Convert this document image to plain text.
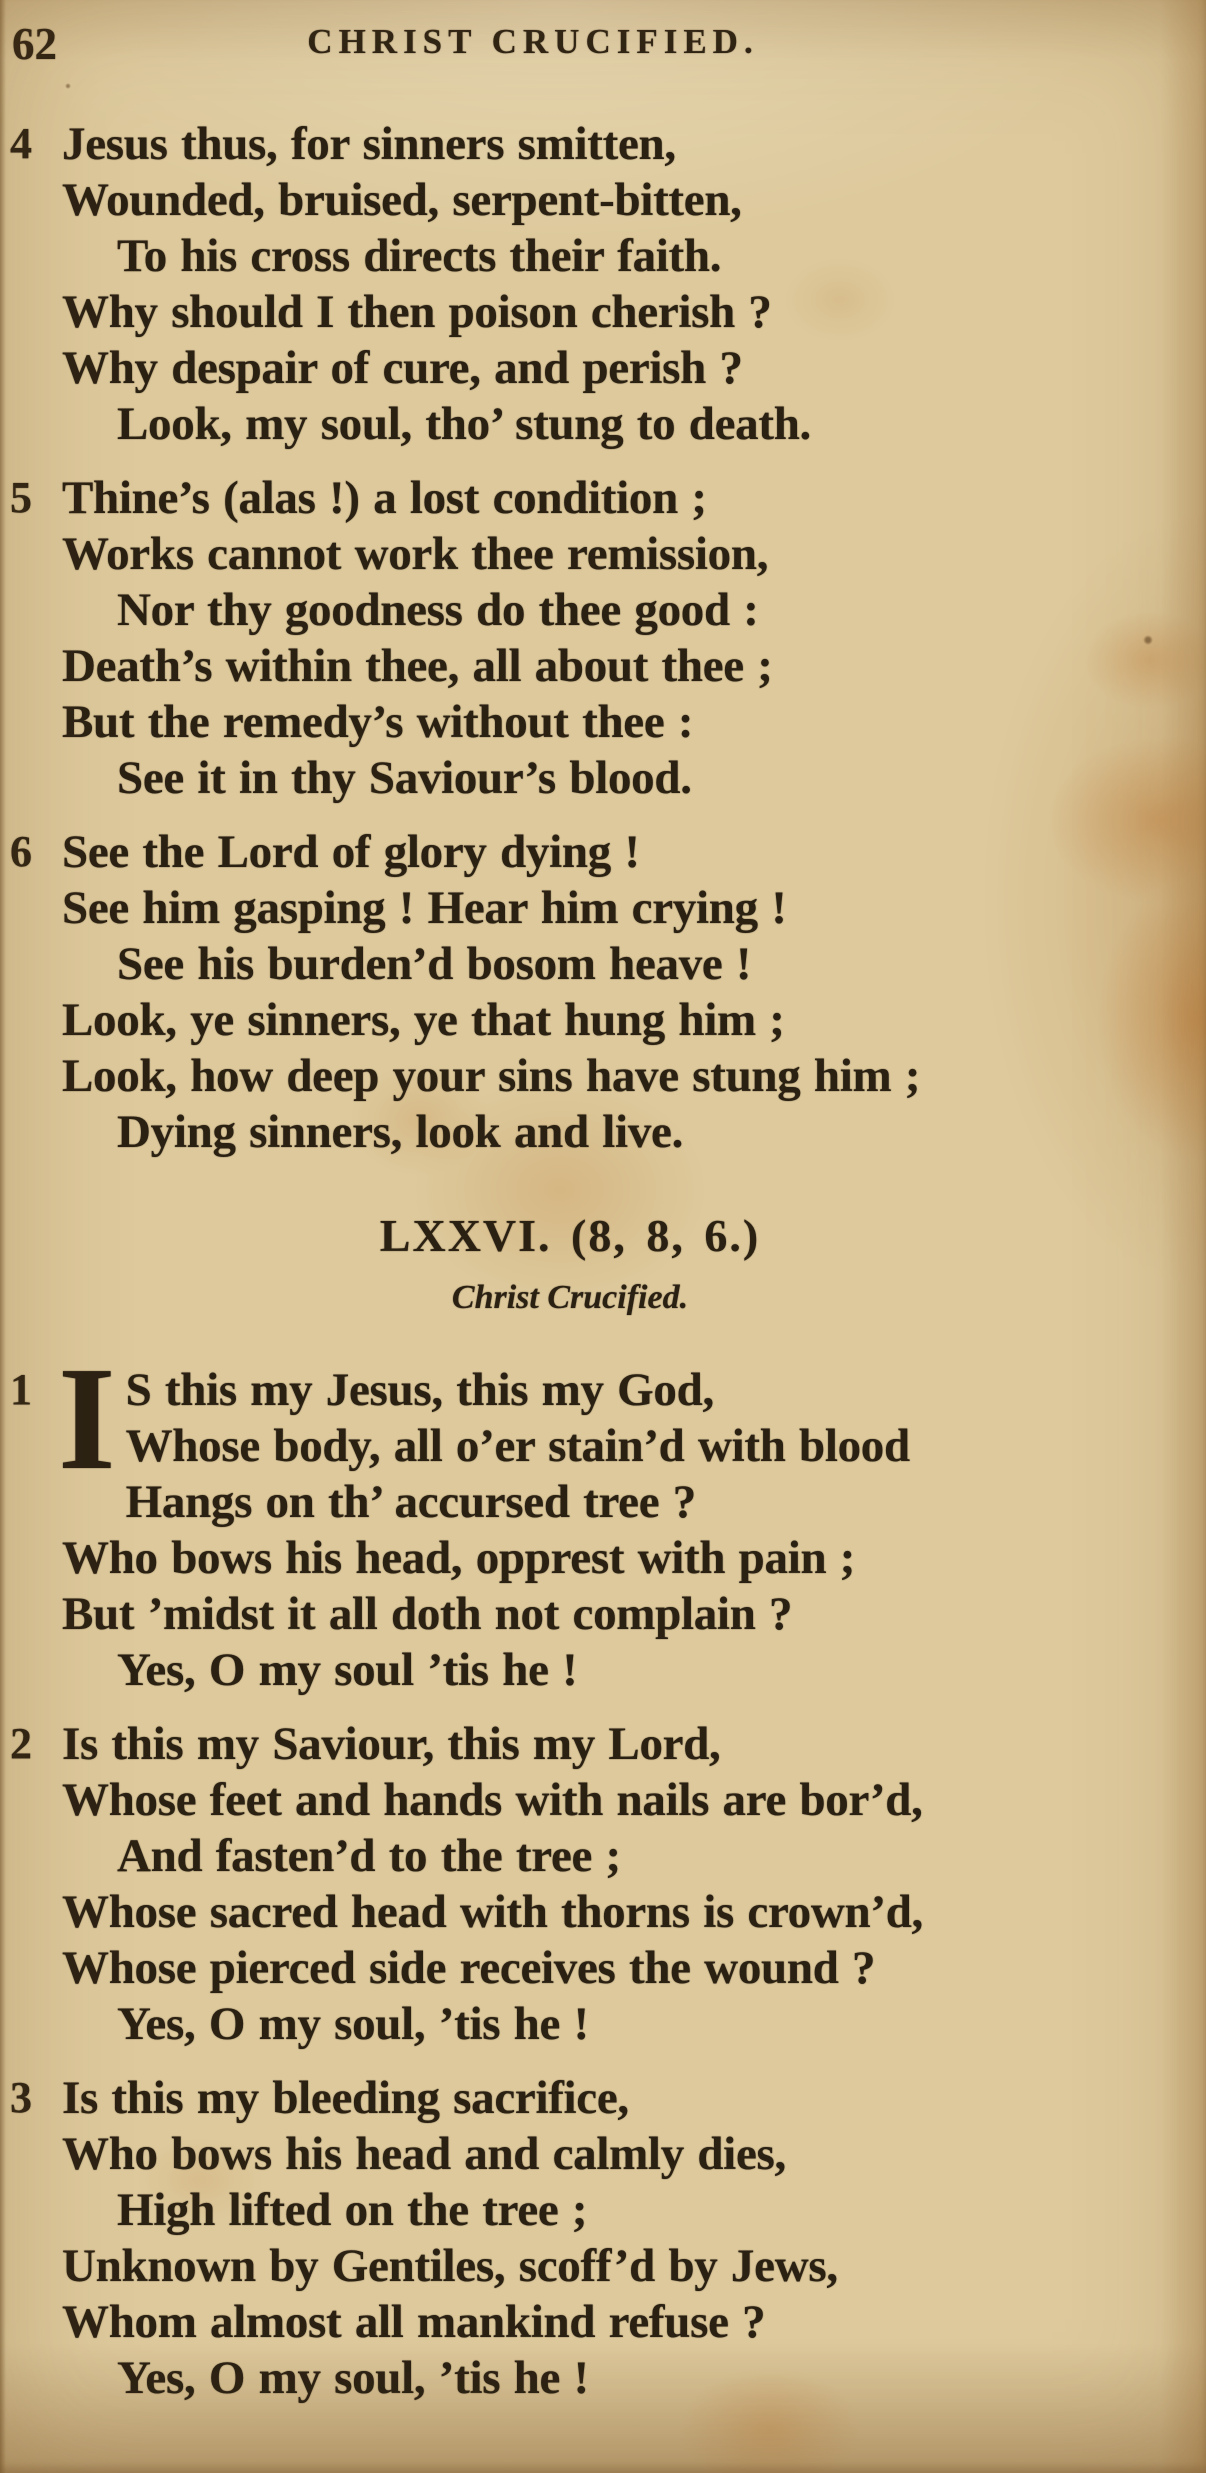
62	CHRIST CRUCIFIED.
4 Jesus thus, for sinners smitten,
Wounded, bruised, serpent-bitten,
To his cross directs their faith.
Why should I then poison cherish ?
Why despair of cure, and perish ?
Look, my soul, tho’ stung to death.
5 Thine’s (alas !) a lost condition ;
Works cannot work thee remission,
Nor thy goodness do thee good :
Death’s within thee, all about thee ;
But the remedy’s without thee :
See it in thy Saviour’s blood.
6 See the Lord of glory dying !
See him gasping ! Hear him crying !
See his burden’d bosom heave !
Look, ye sinners, ye that hung him ;
Look, how deep your sins have stung him ;
Dying sinners, look and live.
LXXVI. (8, 8, 6.)
Christ Crucified.
1 I S this my Jesus, this my God,
Whose body, all o’er stain’d with blood
Hangs on th’ accursed tree ?
Who bows his head, opprest with pain ;
But ’midst it all doth not complain ?
Yes, O my soul ’tis he !
2 Is this my Saviour, this my Lord,
Whose feet and hands with nails are bor’d,
And fasten’d to the tree ;
Whose sacred head with thorns is crown’d,
Whose pierced side receives the wound ?
Yes, O my soul, ’tis he !
3 Is this my bleeding sacrifice,
Who bows his head and calmly dies,
High lifted on the tree ;
Unknown by Gentiles, scoff’d by Jews,
Whom almost all mankind refuse ?
Yes, O my soul, ’tis he !
